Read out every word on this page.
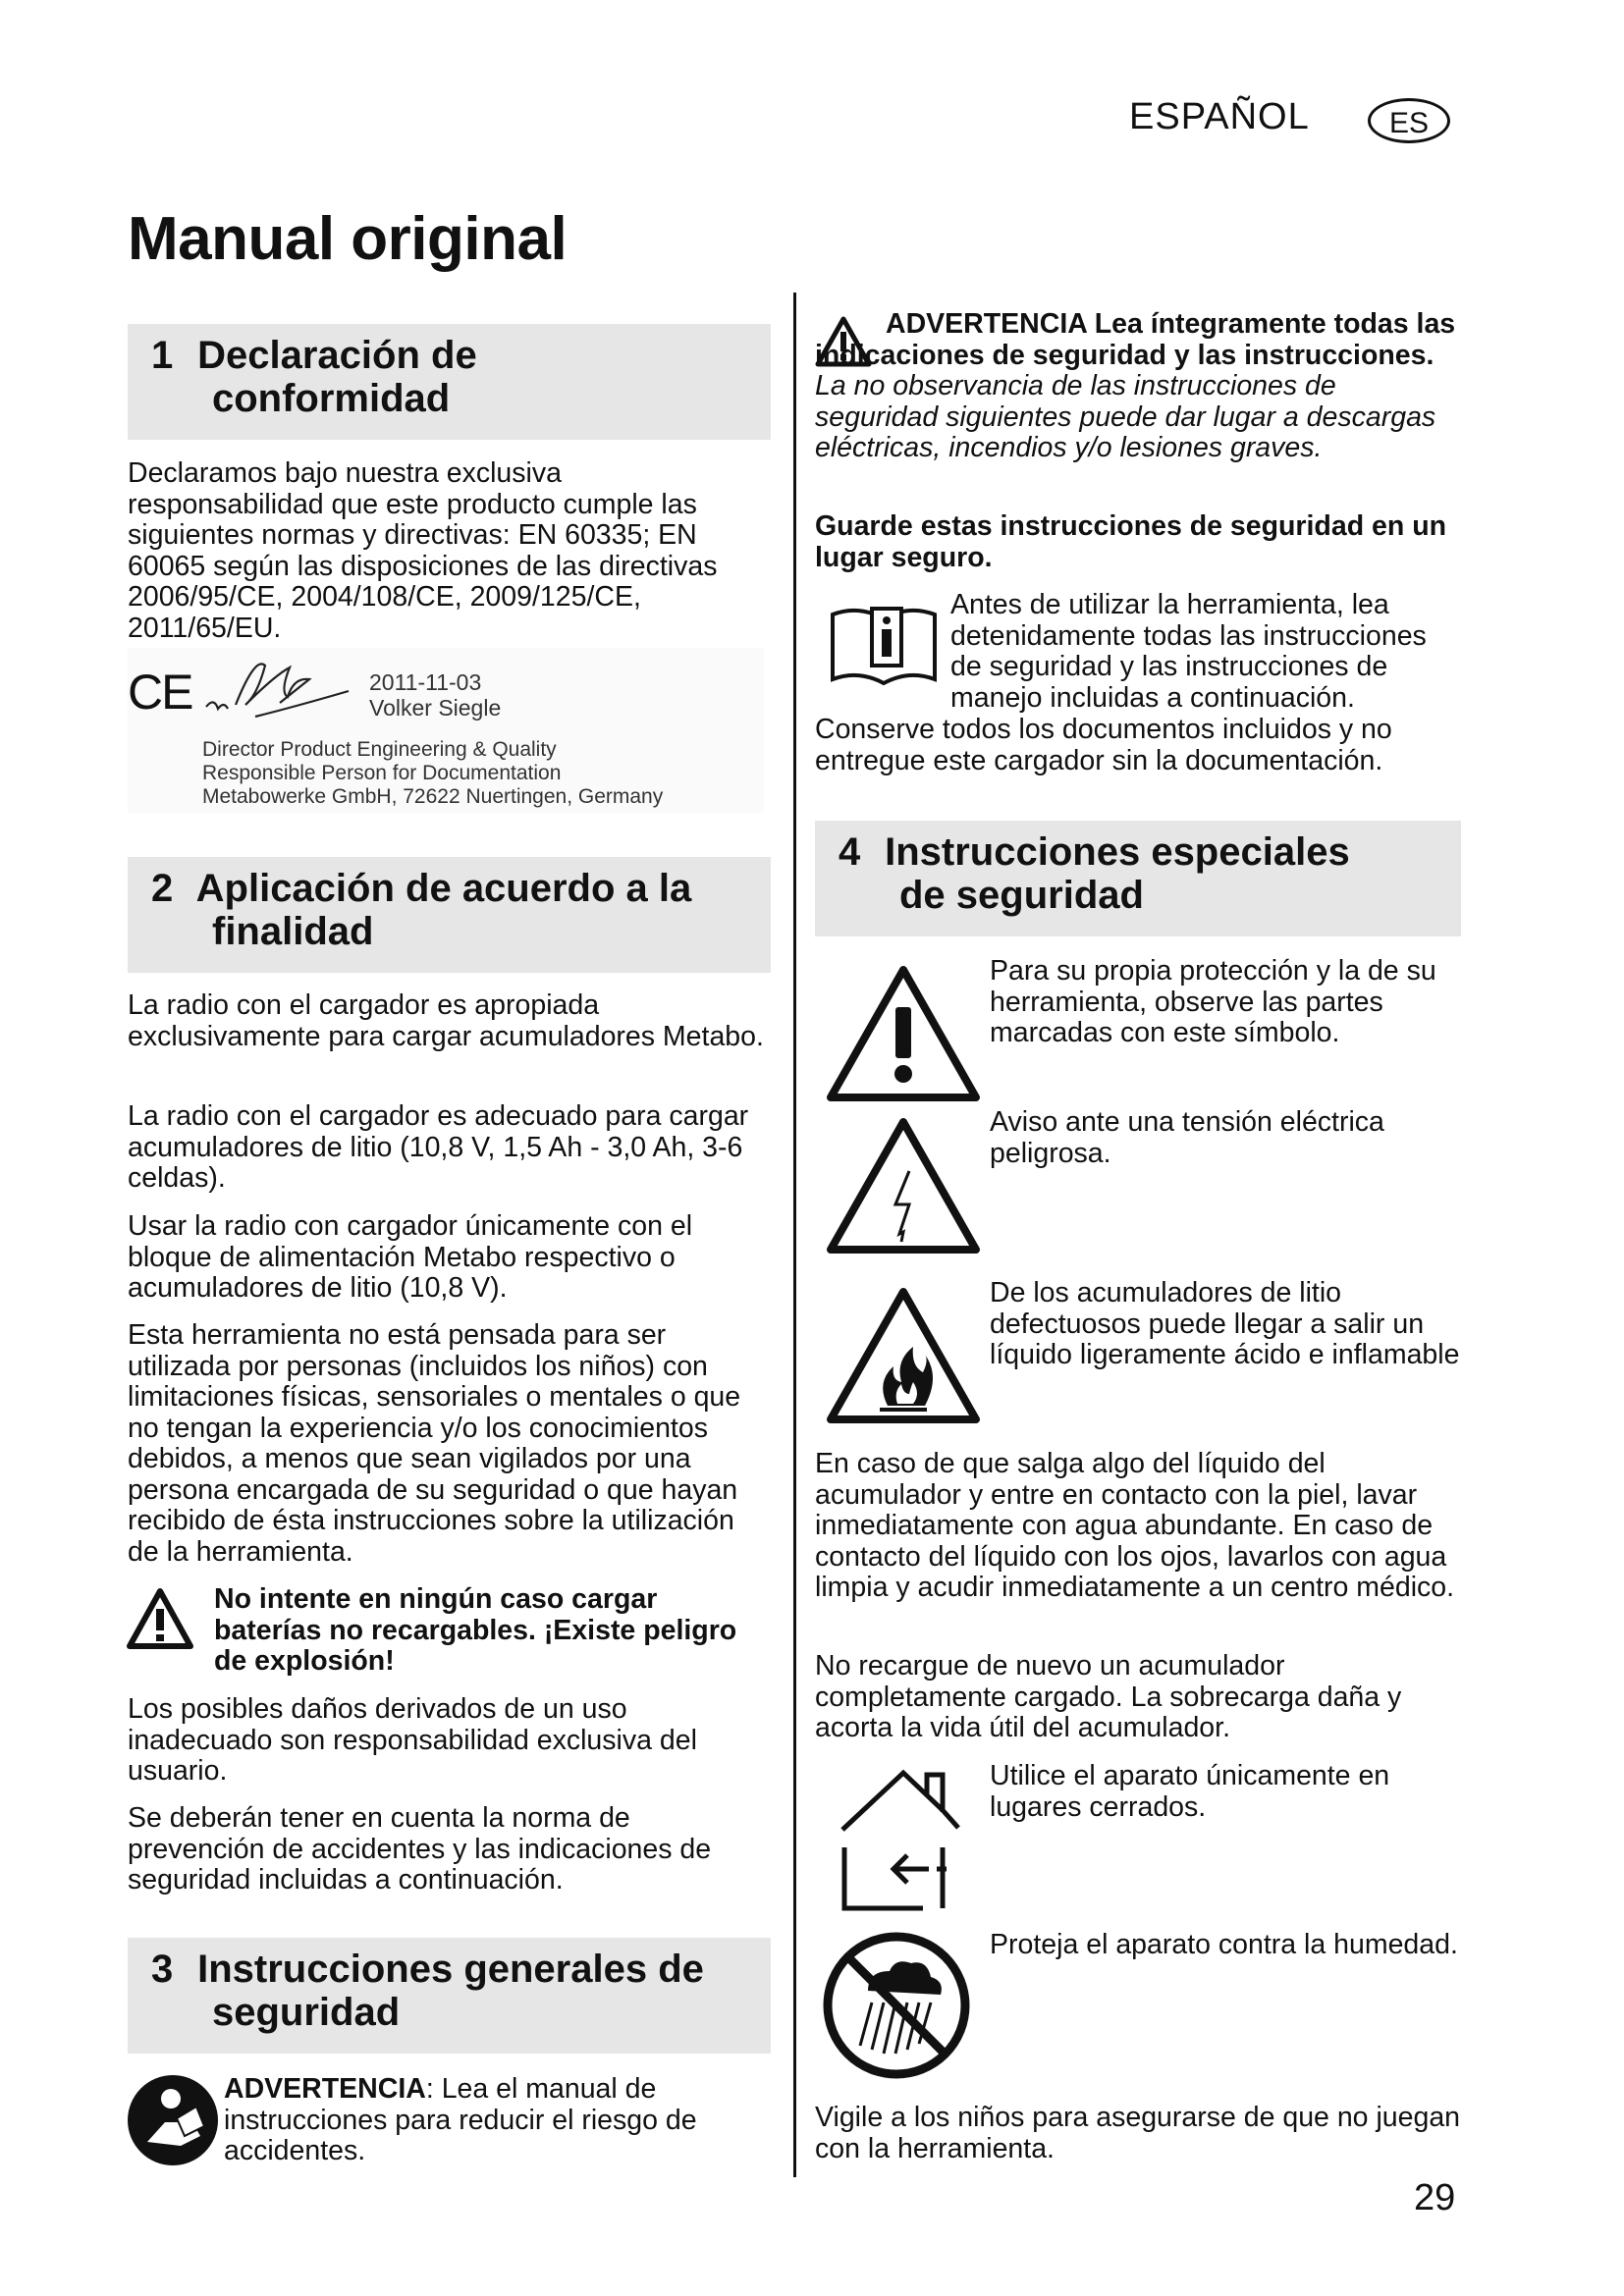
ESPAÑOL	ES
Manual original
1 Declaración de
conformidad
Declaramos bajo nuestra exclusiva responsabilidad que este producto cumple las siguientes normas y directivas: EN 60335; EN 60065 según las disposiciones de las directivas 2006/95/CE, 2004/108/CE, 2009/125/CE, 2011/65/EU.
CE	2011-11-03
Volker Siegle
Director Product Engineering & Quality
Responsible Person for Documentation
Metabowerke GmbH, 72622 Nuertingen, Germany
2 Aplicación de acuerdo a la
finalidad
La radio con el cargador es apropiada exclusivamente para cargar acumuladores Metabo.
La radio con el cargador es adecuado para cargar acumuladores de litio (10,8 V, 1,5 Ah - 3,0 Ah, 3-6 celdas).
Usar la radio con cargador únicamente con el bloque de alimentación Metabo respectivo o acumuladores de litio (10,8 V).
Esta herramienta no está pensada para ser utilizada por personas (incluidos los niños) con limitaciones físicas, sensoriales o mentales o que no tengan la experiencia y/o los conocimientos debidos, a menos que sean vigilados por una persona encargada de su seguridad o que hayan recibido de ésta instrucciones sobre la utilización de la herramienta.
No intente en ningún caso cargar baterías no recargables. ¡Existe peligro de explosión!
Los posibles daños derivados de un uso inadecuado son responsabilidad exclusiva del usuario.
Se deberán tener en cuenta la norma de prevención de accidentes y las indicaciones de seguridad incluidas a continuación.
3 Instrucciones generales de
seguridad
ADVERTENCIA: Lea el manual de instrucciones para reducir el riesgo de accidentes.
ADVERTENCIA Lea íntegramente todas las indicaciones de seguridad y las instrucciones. La no observancia de las instrucciones de seguridad siguientes puede dar lugar a descargas eléctricas, incendios y/o lesiones graves.
Guarde estas instrucciones de seguridad en un lugar seguro.
Antes de utilizar la herramienta, lea detenidamente todas las instrucciones de seguridad y las instrucciones de manejo incluidas a continuación.
Conserve todos los documentos incluidos y no entregue este cargador sin la documentación.
4 Instrucciones especiales
de seguridad
Para su propia protección y la de su herramienta, observe las partes marcadas con este símbolo.
Aviso ante una tensión eléctrica peligrosa.
De los acumuladores de litio defectuosos puede llegar a salir un líquido ligeramente ácido e inflamable
En caso de que salga algo del líquido del acumulador y entre en contacto con la piel, lavar inmediatamente con agua abundante. En caso de contacto del líquido con los ojos, lavarlos con agua limpia y acudir inmediatamente a un centro médico.
No recargue de nuevo un acumulador completamente cargado. La sobrecarga daña y acorta la vida útil del acumulador.
Utilice el aparato únicamente en lugares cerrados.
Proteja el aparato contra la humedad.
Vigile a los niños para asegurarse de que no juegan con la herramienta.
29
